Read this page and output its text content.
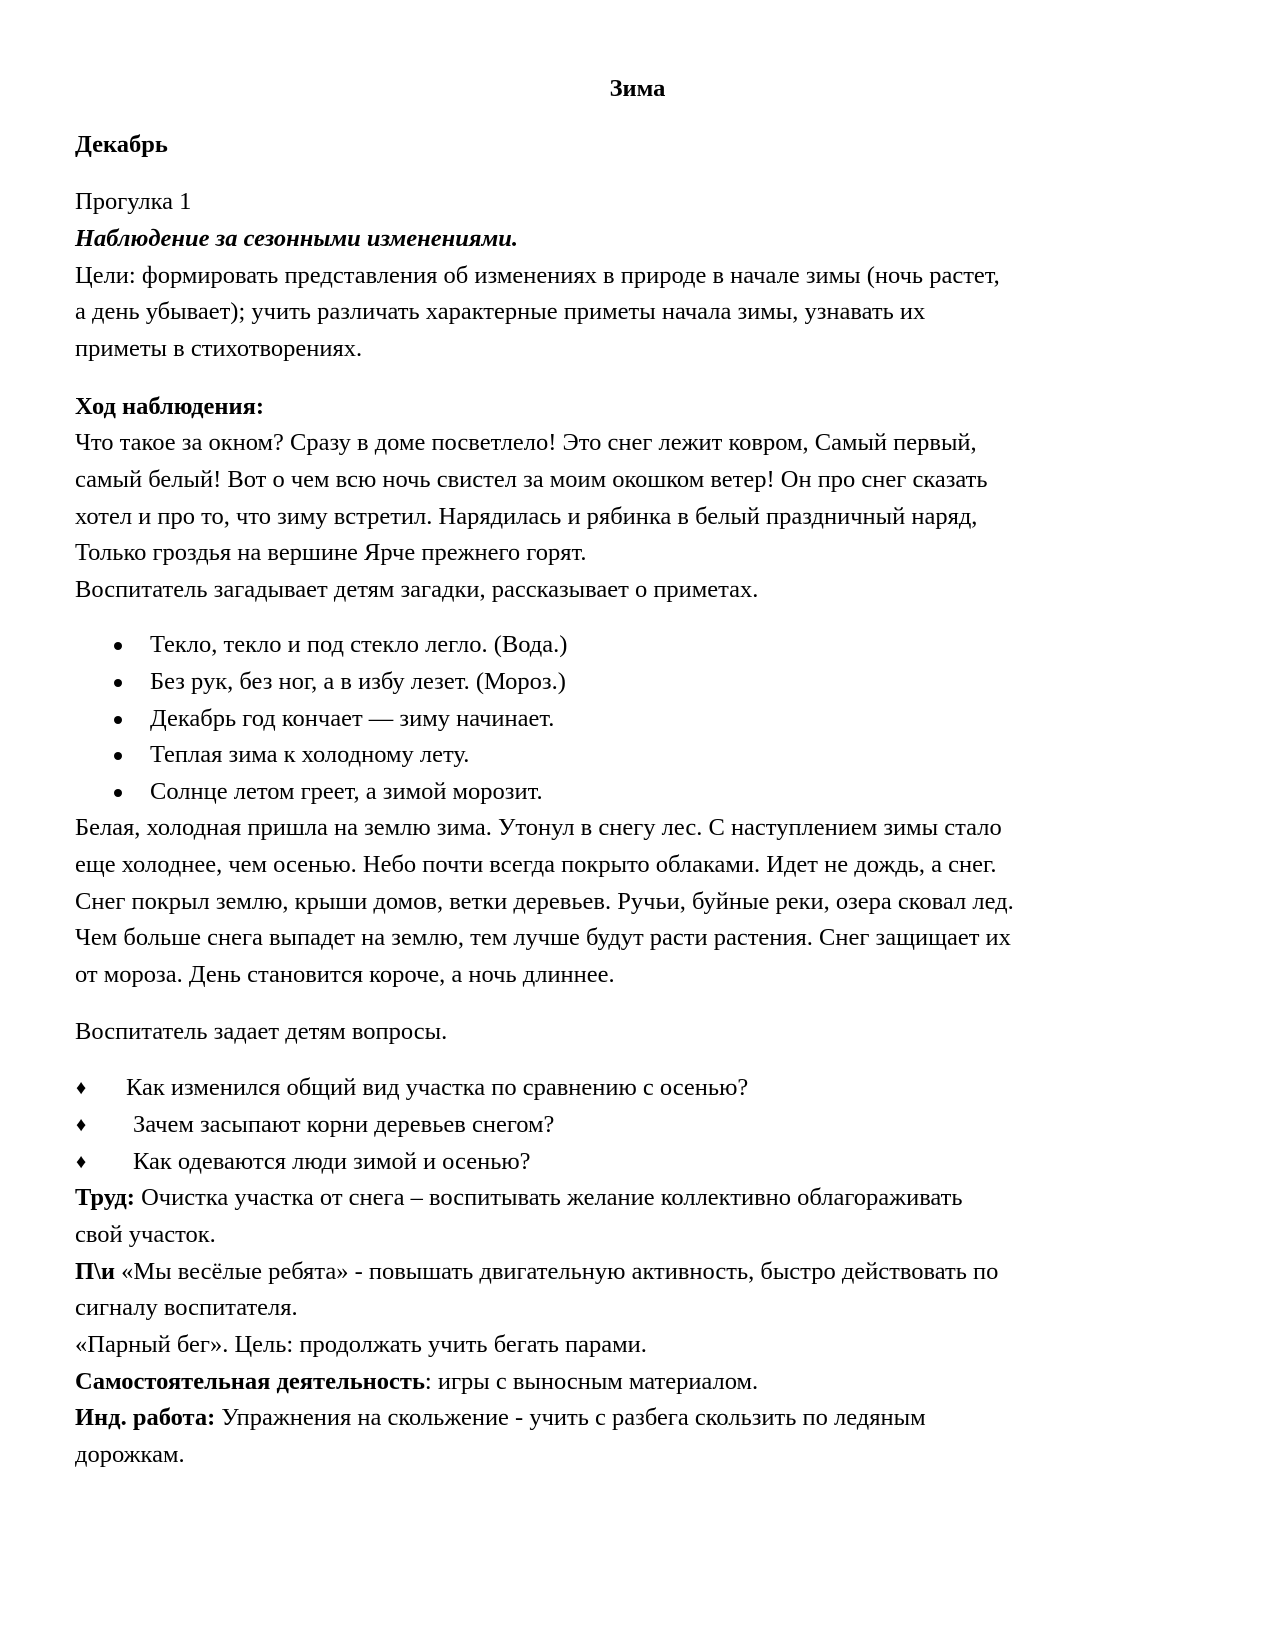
Зима
Декабрь
Прогулка 1
Наблюдение за сезонными изменениями.
Цели: формировать представления об изменениях в природе в начале зимы (ночь растет,
а день убывает); учить различать характерные приметы начала зимы, узнавать их
приметы в стихотворениях.
Ход наблюдения:
Что такое за окном? Сразу в доме посветлело! Это снег лежит ковром, Самый первый,
самый белый! Вот о чем всю ночь свистел за моим окошком ветер! Он про снег сказать
хотел и про то, что зиму встретил. Нарядилась и рябинка в белый праздничный наряд,
Только гроздья на вершине Ярче прежнего горят.
Воспитатель загадывает детям загадки, рассказывает о приметах.
Текло, текло и под стекло легло. (Вода.)
Без рук, без ног, а в избу лезет. (Мороз.)
Декабрь год кончает — зиму начинает.
Теплая зима к холодному лету.
Солнце летом греет, а зимой морозит.
Белая, холодная пришла на землю зима. Утонул в снегу лес. С наступлением зимы стало
еще холоднее, чем осенью. Небо почти всегда покрыто облаками. Идет не дождь, а снег.
Снег покрыл землю, крыши домов, ветки деревьев. Ручьи, буйные реки, озера сковал лед.
Чем больше снега выпадет на землю, тем лучше будут расти растения. Снег защищает их
от мороза. День становится короче, а ночь длиннее.
Воспитатель задает детям вопросы.
♦ Как изменился общий вид участка по сравнению с осенью?
♦ Зачем засыпают корни деревьев снегом?
♦ Как одеваются люди зимой и осенью?
Труд: Очистка участка от снега – воспитывать желание коллективно облагораживать
свой участок.
П\и «Мы весёлые ребята» - повышать двигательную активность, быстро действовать по
сигналу воспитателя.
«Парный бег». Цель: продолжать учить бегать парами.
Самостоятельная деятельность: игры с выносным материалом.
Инд. работа: Упражнения на скольжение - учить с разбега скользить по ледяным
дорожкам.
